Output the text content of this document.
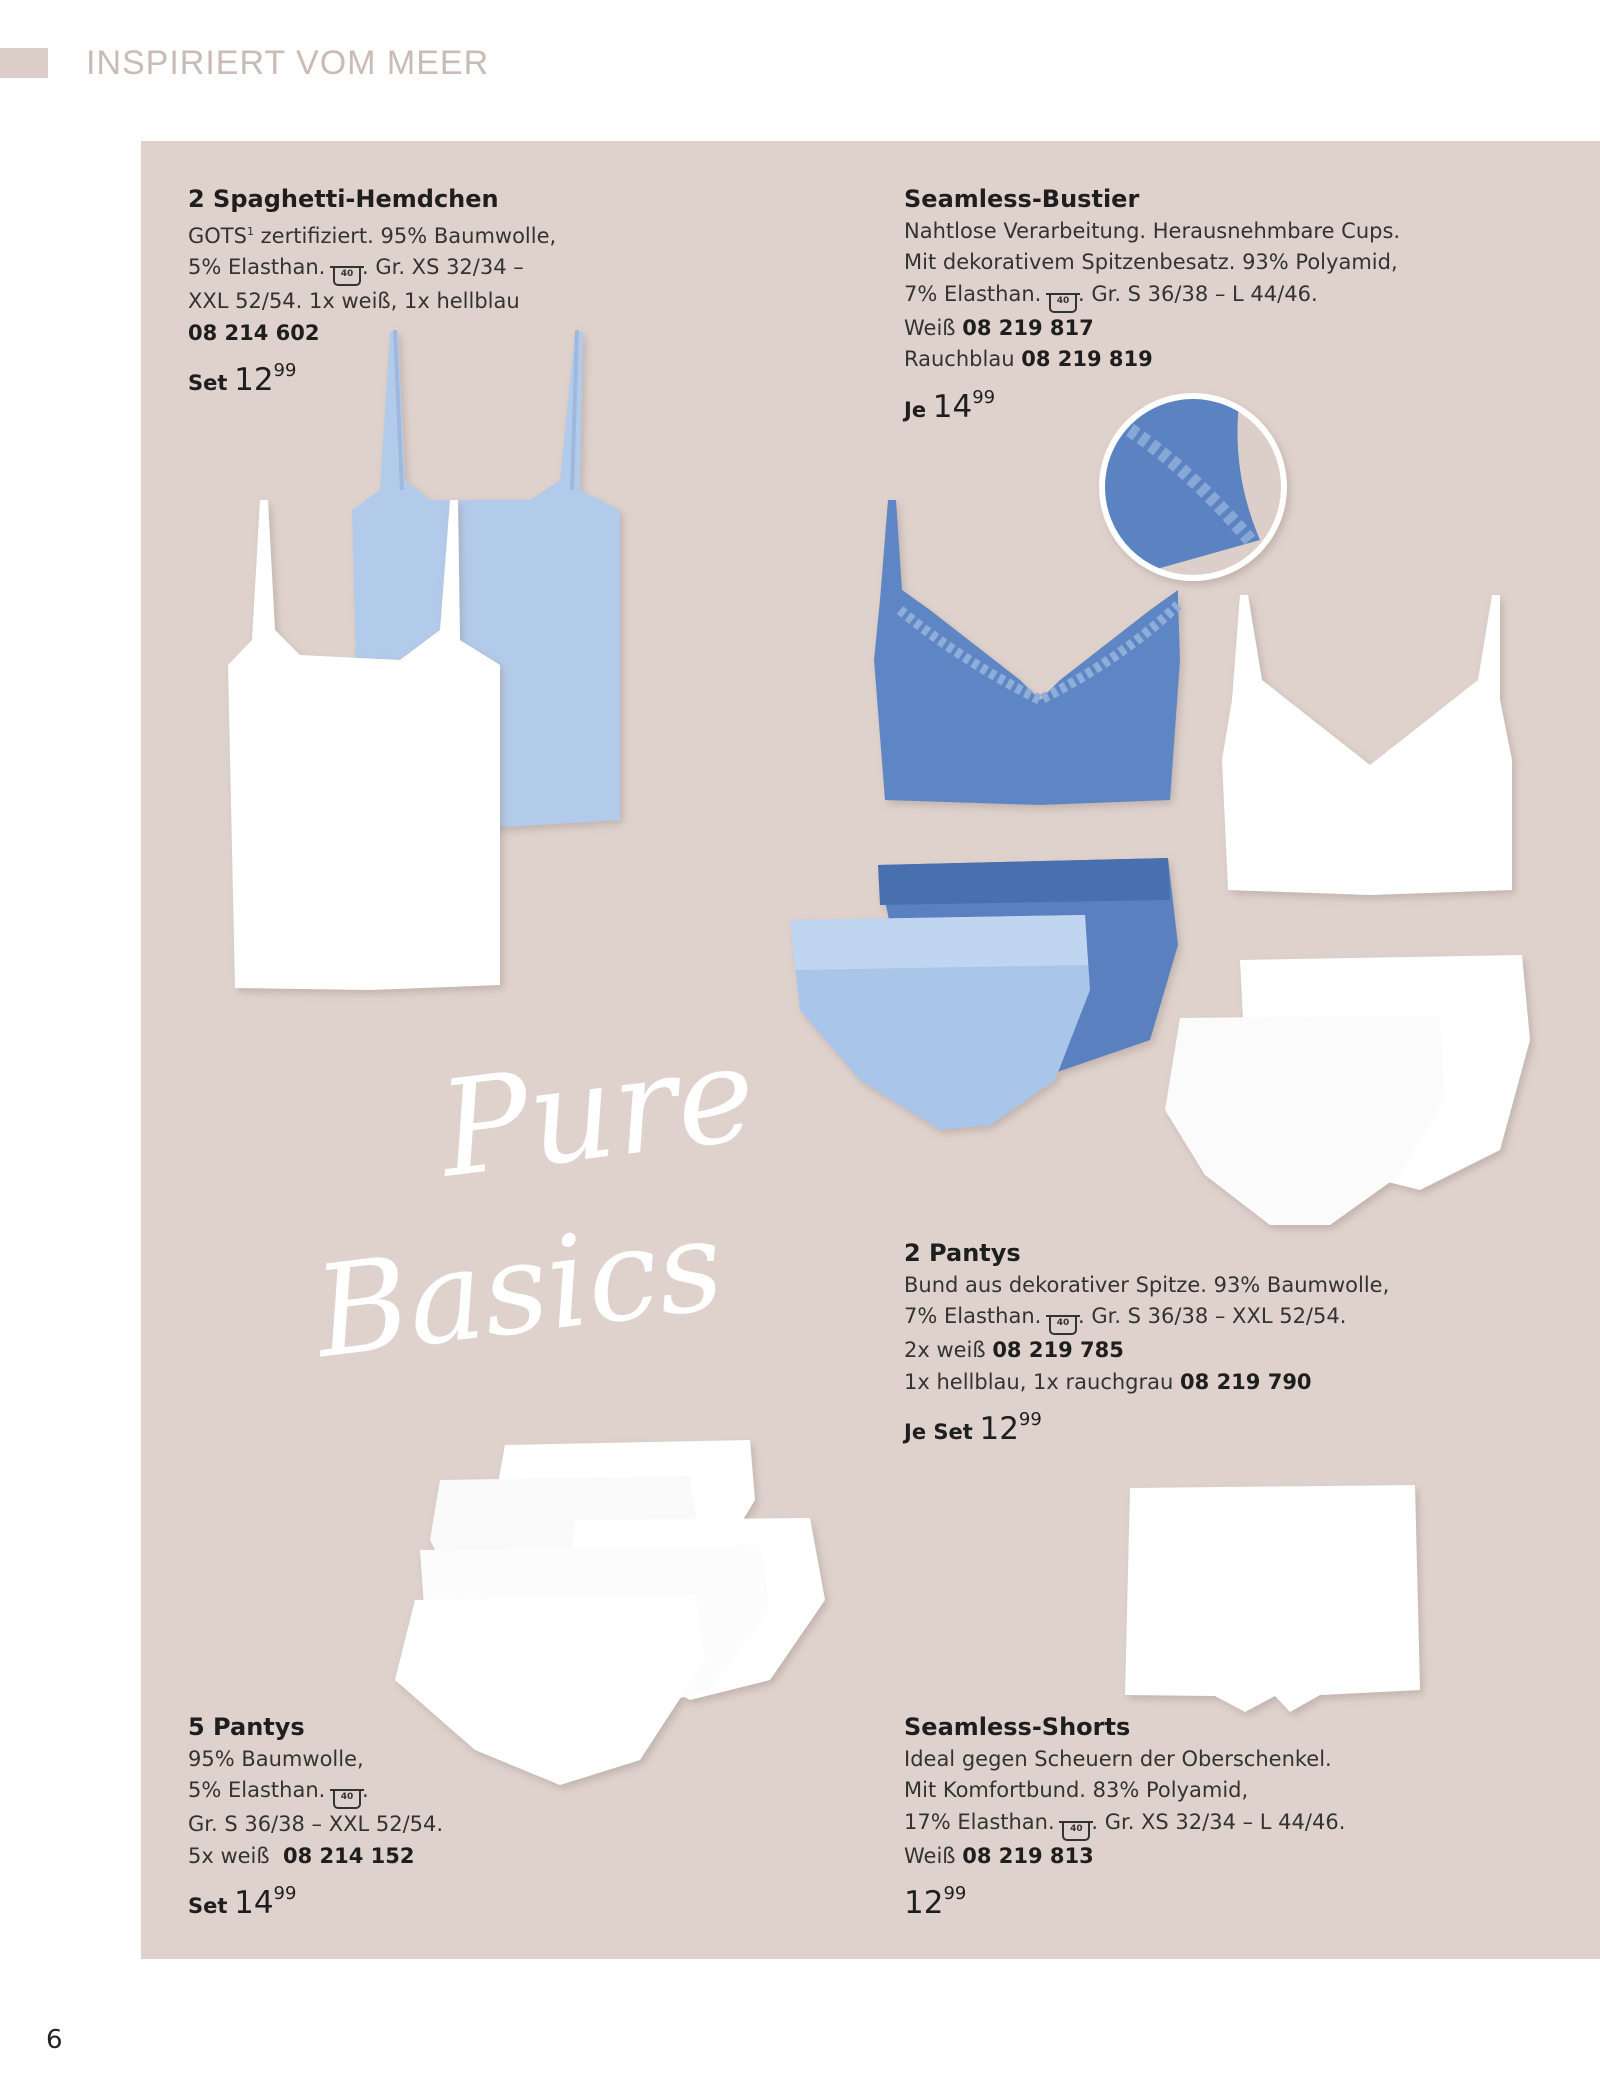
INSPIRIERT VOM MEER
Pure
Basics
2 Spaghetti-Hemdchen
GOTS$^1$ zertifiziert. 95% Baumwolle,
5% Elasthan. 40 . Gr. XS 32/34 –
XXL 52/54. 1x weiß, 1x hellblau
08 214 602
Set 1299
Seamless-Bustier
Nahtlose Verarbeitung. Herausnehmbare Cups.
Mit dekorativem Spitzenbesatz. 93% Polyamid,
7% Elasthan. 40 . Gr. S 36/38 – L 44/46.
Weiß 08 219 817
Rauchblau 08 219 819
Je 1499
2 Pantys
Bund aus dekorativer Spitze. 93% Baumwolle,
7% Elasthan. 40 . Gr. S 36/38 – XXL 52/54.
2x weiß 08 219 785
1x hellblau, 1x rauchgrau 08 219 790
Je Set 1299
5 Pantys
95% Baumwolle,
5% Elasthan. 40 .
Gr. S 36/38 – XXL 52/54.
5x weiß 08 214 152
Set 1499
Seamless-Shorts
Ideal gegen Scheuern der Oberschenkel.
Mit Komfortbund. 83% Polyamid,
17% Elasthan. 40 . Gr. XS 32/34 – L 44/46.
Weiß 08 219 813
1299
6
